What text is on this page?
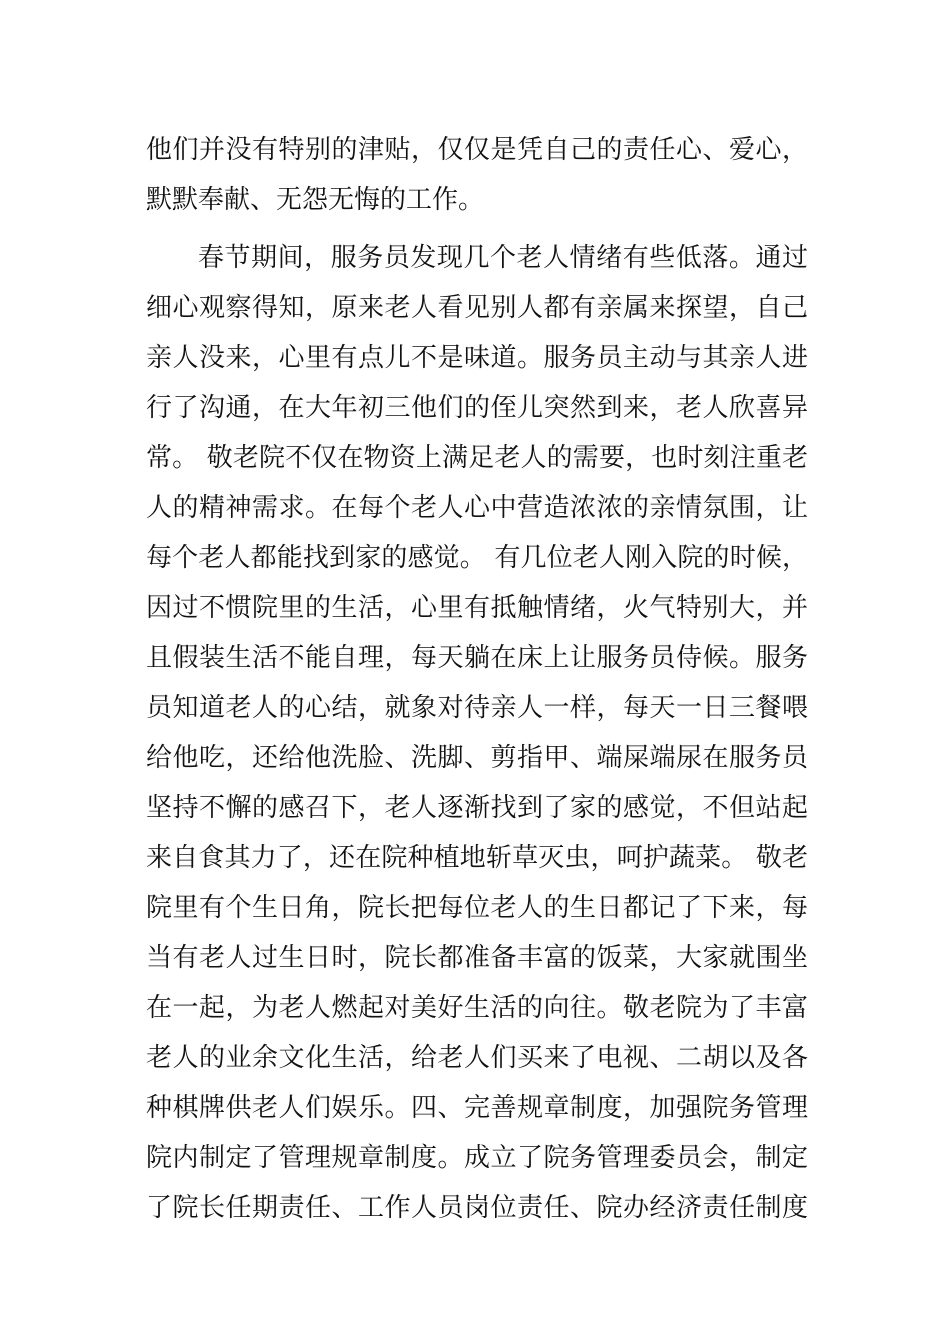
他们并没有特别的津贴，仅仅是凭自己的责任心、爱心，
默默奉献、无怨无悔的工作。
春节期间，服务员发现几个老人情绪有些低落。通过
细心观察得知，原来老人看见别人都有亲属来探望，自己
亲人没来，心里有点儿不是味道。服务员主动与其亲人进
行了沟通，在大年初三他们的侄儿突然到来，老人欣喜异
常。 敬老院不仅在物资上满足老人的需要，也时刻注重老
人的精神需求。在每个老人心中营造浓浓的亲情氛围，让
每个老人都能找到家的感觉。 有几位老人刚入院的时候，
因过不惯院里的生活，心里有抵触情绪，火气特别大，并
且假装生活不能自理，每天躺在床上让服务员侍候。服务
员知道老人的心结，就象对待亲人一样，每天一日三餐喂
给他吃，还给他洗脸、洗脚、剪指甲、端屎端尿在服务员
坚持不懈的感召下，老人逐渐找到了家的感觉，不但站起
来自食其力了，还在院种植地斩草灭虫，呵护蔬菜。 敬老
院里有个生日角，院长把每位老人的生日都记了下来，每
当有老人过生日时，院长都准备丰富的饭菜，大家就围坐
在一起，为老人燃起对美好生活的向往。敬老院为了丰富
老人的业余文化生活，给老人们买来了电视、二胡以及各
种棋牌供老人们娱乐。四、完善规章制度，加强院务管理
院内制定了管理规章制度。成立了院务管理委员会，制定
了院长任期责任、工作人员岗位责任、院办经济责任制度
